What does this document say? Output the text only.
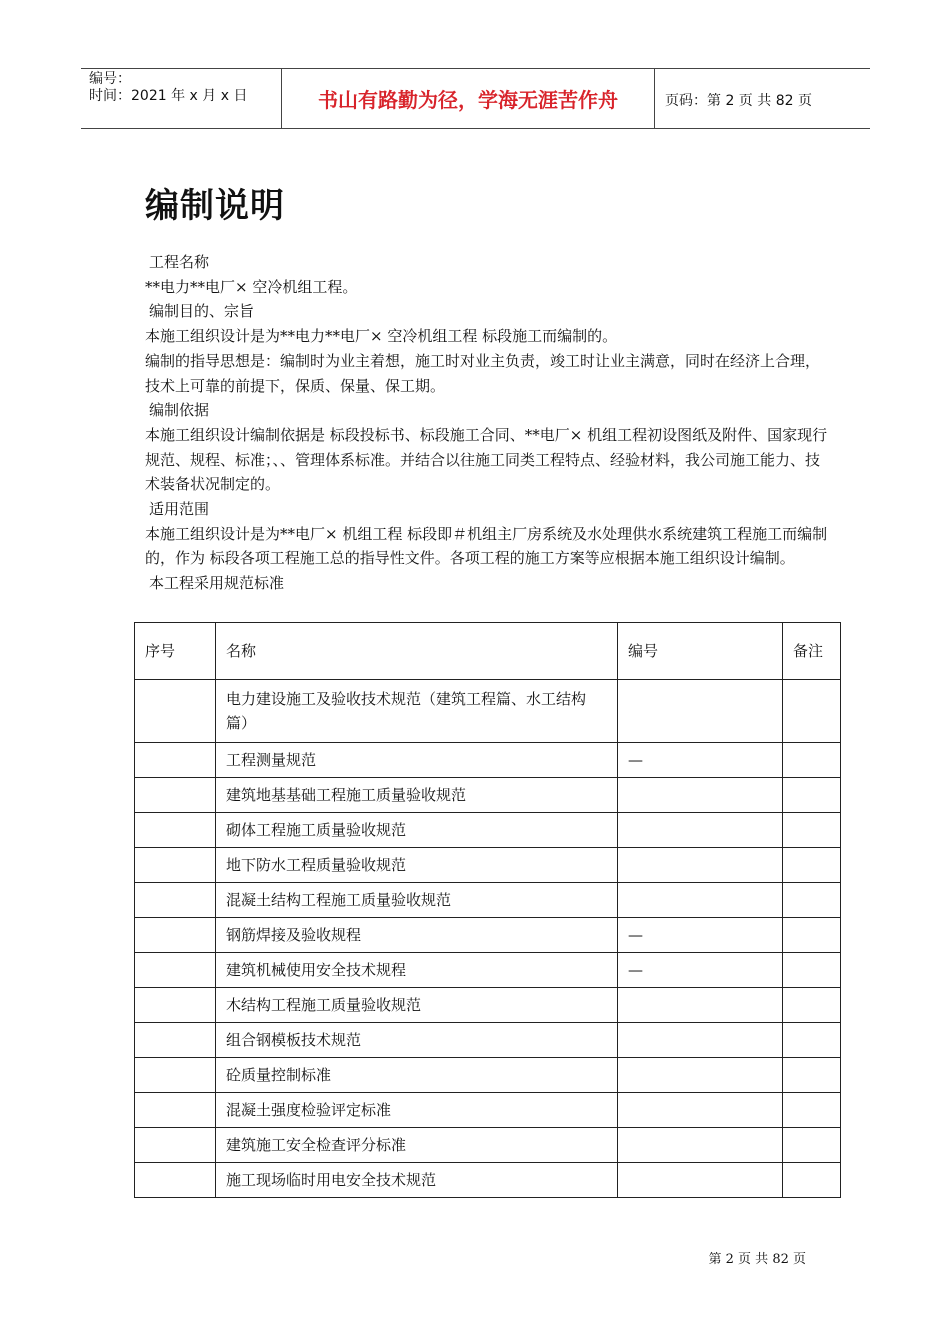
编号：
时间：2021 年 x 月 x 日	书山有路勤为径，学海无涯苦作舟	页码：第 2 页 共 82 页
编制说明

工程名称

**电力**电厂× 空冷机组工程。

编制目的、宗旨

本施工组织设计是为**电力**电厂× 空冷机组工程 标段施工而编制的。

编制的指导思想是：编制时为业主着想，施工时对业主负责，竣工时让业主满意，同时在经济上合理，技术上可靠的前提下，保质、保量、保工期。

编制依据

本施工组织设计编制依据是 标段投标书、标段施工合同、**电厂× 机组工程初设图纸及附件、国家现行规范、规程、标准；、、管理体系标准。并结合以往施工同类工程特点、经验材料，我公司施工能力、技术装备状况制定的。

适用范围

本施工组织设计是为**电厂× 机组工程 标段即＃机组主厂房系统及水处理供水系统建筑工程施工而编制的，作为 标段各项工程施工总的指导性文件。各项工程的施工方案等应根据本施工组织设计编制。

本工程采用规范标准

序号	名称	编号	备注
	电力建设施工及验收技术规范（建筑工程篇、水工结构篇）		
	工程测量规范	—	
	建筑地基基础工程施工质量验收规范		
	砌体工程施工质量验收规范		
	地下防水工程质量验收规范		
	混凝土结构工程施工质量验收规范		
	钢筋焊接及验收规程	—	
	建筑机械使用安全技术规程	—	
	木结构工程施工质量验收规范		
	组合钢模板技术规范		
	砼质量控制标准		
	混凝土强度检验评定标准		
	建筑施工安全检查评分标准		
	施工现场临时用电安全技术规范		
第 2 页 共 82 页
